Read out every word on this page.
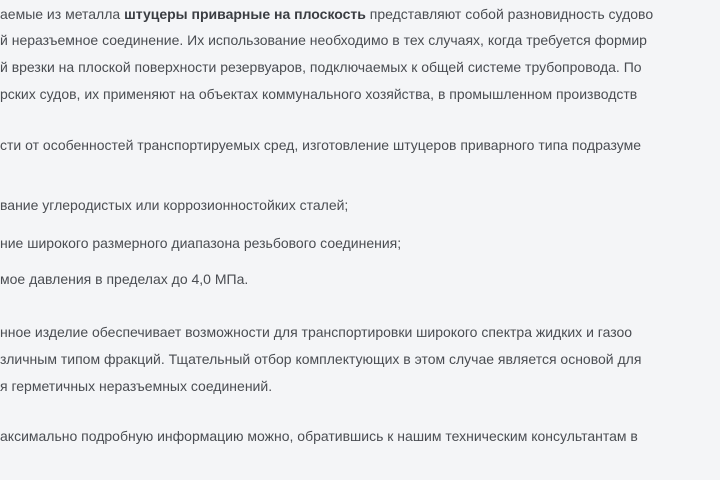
аемые из металла штуцеры приварные на плоскость представляют собой разновидность судово
й неразъемное соединение. Их использование необходимо в тех случаях, когда требуется формир
й врезки на плоской поверхности резервуаров, подключаемых к общей системе трубопровода. По
рских судов, их применяют на объектах коммунального хозяйства, в промышленном производств
сти от особенностей транспортируемых сред, изготовление штуцеров приварного типа подразуме
вание углеродистых или коррозионностойких сталей;
ние широкого размерного диапазона резьбового соединения;
мое давления в пределах до 4,0 МПа.
нное изделие обеспечивает возможности для транспортировки широкого спектра жидких и газоо
зличным типом фракций. Тщательный отбор комплектующих в этом случае является основой для
я герметичных неразъемных соединений.
аксимально подробную информацию можно, обратившись к нашим техническим консультантам в
